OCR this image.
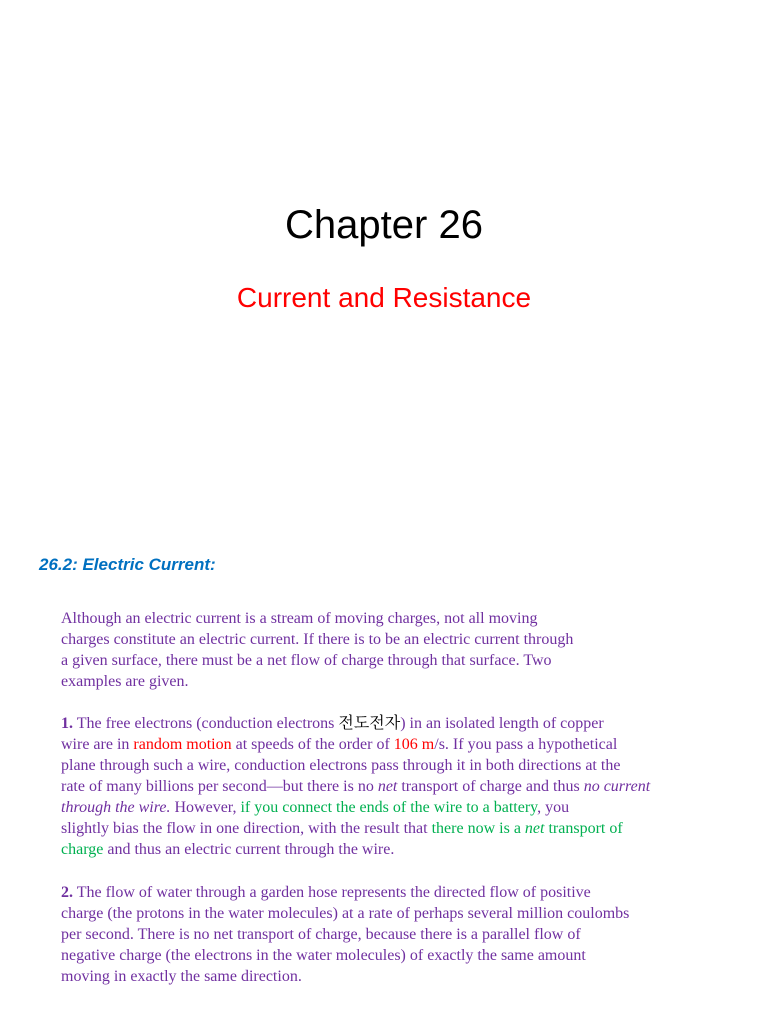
Chapter 26
Current and Resistance
26.2: Electric Current:

Although an electric current is a stream of moving charges, not all moving
charges constitute an electric current. If there is to be an electric current through
a given surface, there must be a net flow of charge through that surface. Two
examples are given.

1. The free electrons (conduction electrons 전도전자) in an isolated length of copper
wire are in random motion at speeds of the order of 106 m/s. If you pass a hypothetical
plane through such a wire, conduction electrons pass through it in both directions at the
rate of many billions per second—but there is no net transport of charge and thus no current through the wire. However, if you connect the ends of the wire to a battery, you
slightly bias the flow in one direction, with the result that there now is a net transport of
charge and thus an electric current through the wire.

2. The flow of water through a garden hose represents the directed flow of positive
charge (the protons in the water molecules) at a rate of perhaps several million coulombs
per second. There is no net transport of charge, because there is a parallel flow of
negative charge (the electrons in the water molecules) of exactly the same amount
moving in exactly the same direction.
